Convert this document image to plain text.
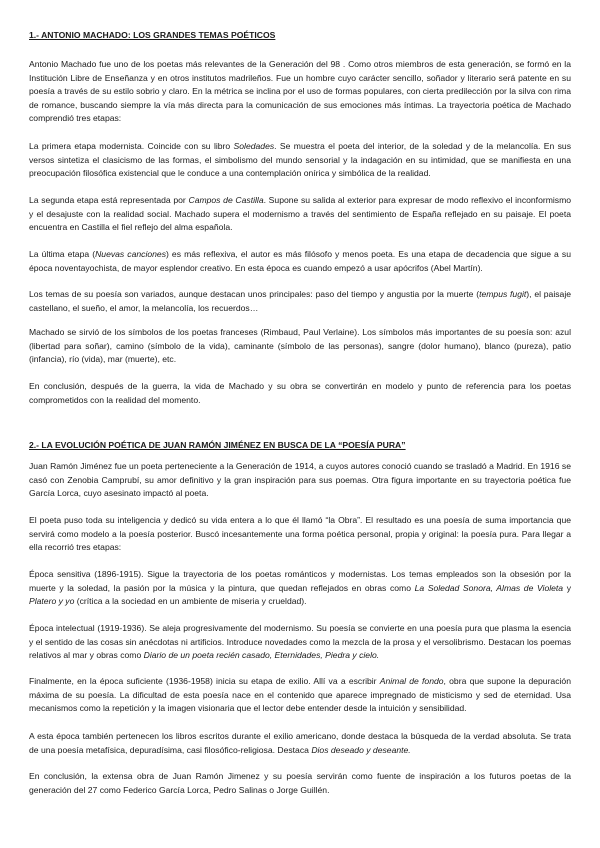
1.- ANTONIO MACHADO: LOS GRANDES TEMAS POÉTICOS

Antonio Machado fue uno de los poetas más relevantes de la Generación del 98 . Como otros miembros de esta generación, se formó en la Institución Libre de Enseñanza y en otros institutos madrileños. Fue un hombre cuyo carácter sencillo, soñador y literario será patente en su poesía a través de su estilo sobrio y claro. En la métrica se inclina por el uso de formas populares, con cierta predilección por la silva con rima de romance, buscando siempre la vía más directa para la comunicación de sus emociones más íntimas. La trayectoria poética de Machado comprendió tres etapas:

La primera etapa modernista. Coincide con su libro Soledades. Se muestra el poeta del interior, de la soledad y de la melancolía. En sus versos sintetiza el clasicismo de las formas, el simbolismo del mundo sensorial y la indagación en su intimidad, que se manifiesta en una preocupación filosófica existencial que le conduce a una contemplación onírica y simbólica de la realidad.

La segunda etapa está representada por Campos de Castilla. Supone su salida al exterior para expresar de modo reflexivo el inconformismo y el desajuste con la realidad social. Machado supera el modernismo a través del sentimiento de España reflejado en su paisaje. El poeta encuentra en Castilla el fiel reflejo del alma española.

La última etapa (Nuevas canciones) es más reflexiva, el autor es más filósofo y menos poeta. Es una etapa de decadencia que sigue a su época noventayochista, de mayor esplendor creativo. En esta época es cuando empezó a usar apócrifos (Abel Martín).

Los temas de su poesía son variados, aunque destacan unos principales: paso del tiempo y angustia por la muerte (tempus fugit), el paisaje castellano, el sueño, el amor, la melancolía, los recuerdos…

Machado se sirvió de los símbolos de los poetas franceses (Rimbaud, Paul Verlaine). Los símbolos más importantes de su poesía son: azul (libertad para soñar), camino (símbolo de la vida), caminante (símbolo de las personas), sangre (dolor humano), blanco (pureza), patio (infancia), río (vida), mar (muerte), etc.

En conclusión, después de la guerra, la vida de Machado y su obra se convertirán en modelo y punto de referencia para los poetas comprometidos con la realidad del momento.

2.- LA EVOLUCIÓN POÉTICA DE JUAN RAMÓN JIMÉNEZ EN BUSCA DE LA “POESÍA PURA”

Juan Ramón Jiménez fue un poeta perteneciente a la Generación de 1914, a cuyos autores conoció cuando se trasladó a Madrid. En 1916 se casó con Zenobia Camprubí, su amor definitivo y la gran inspiración para sus poemas. Otra figura importante en su trayectoria poética fue García Lorca, cuyo asesinato impactó al poeta.

El poeta puso toda su inteligencia y dedicó su vida entera a lo que él llamó “la Obra”. El resultado es una poesía de suma importancia que servirá como modelo a la poesía posterior. Buscó incesantemente una forma poética personal, propia y original: la poesía pura. Para llegar a ella recorrió tres etapas:

Época sensitiva (1896-1915). Sigue la trayectoria de los poetas románticos y modernistas. Los temas empleados son la obsesión por la muerte y la soledad, la pasión por la música y la pintura, que quedan reflejados en obras como La Soledad Sonora, Almas de Violeta y Platero y yo (crítica a la sociedad en un ambiente de miseria y crueldad).

Época intelectual (1919-1936). Se aleja progresivamente del modernismo. Su poesía se convierte en una poesía pura que plasma la esencia y el sentido de las cosas sin anécdotas ni artificios. Introduce novedades como la mezcla de la prosa y el versolibrismo. Destacan los poemas relativos al mar y obras como Diario de un poeta recién casado, Eternidades, Piedra y cielo.

Finalmente, en la época suficiente (1936-1958) inicia su etapa de exilio. Allí va a escribir Animal de fondo, obra que supone la depuración máxima de su poesía. La dificultad de esta poesía nace en el contenido que aparece impregnado de misticismo y sed de eternidad. Usa mecanismos como la repetición y la imagen visionaria que el lector debe entender desde la intuición y sensibilidad.

A esta época también pertenecen los libros escritos durante el exilio americano, donde destaca la búsqueda de la verdad absoluta. Se trata de una poesía metafísica, depuradísima, casi filosófico-religiosa. Destaca Dios deseado y deseante.

En conclusión, la extensa obra de Juan Ramón Jimenez y su poesía servirán como fuente de inspiración a los futuros poetas de la generación del 27 como Federico García Lorca, Pedro Salinas o Jorge Guillén.
